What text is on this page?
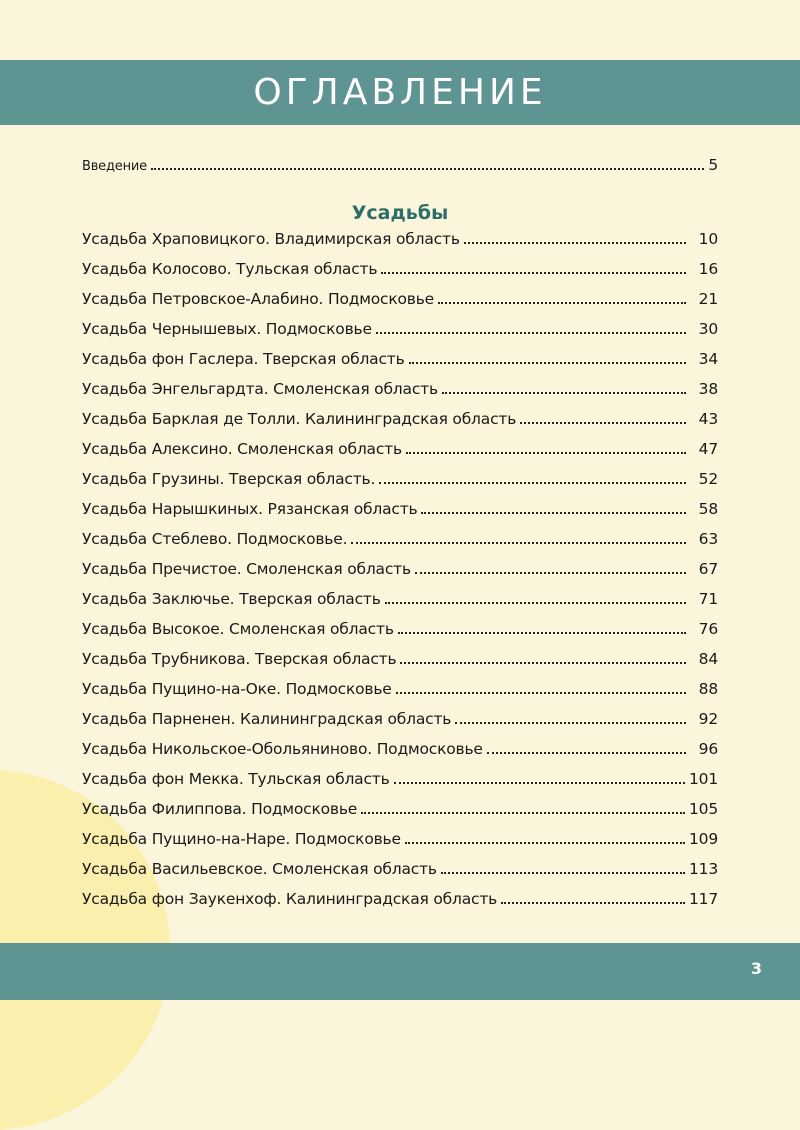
ОГЛАВЛЕНИЕ
Введение	5
Усадьбы
Усадьба Храповицкого. Владимирская область	10
Усадьба Колосово. Тульская область	16
Усадьба Петровское-Алабино. Подмосковье	21
Усадьба Чернышевых. Подмосковье	30
Усадьба фон Гаслера. Тверская область	34
Усадьба Энгельгардта. Смоленская область	38
Усадьба Барклая де Толли. Калининградская область	43
Усадьба Алексино. Смоленская область	47
Усадьба Грузины. Тверская область.	52
Усадьба Нарышкиных. Рязанская область	58
Усадьба Стеблево. Подмосковье.	63
Усадьба Пречистое. Смоленская область	67
Усадьба Заключье. Тверская область	71
Усадьба Высокое. Смоленская область	76
Усадьба Трубникова. Тверская область	84
Усадьба Пущино-на-Оке. Подмосковье	88
Усадьба Парненен. Калининградская область	92
Усадьба Никольское-Обольяниново. Подмосковье	96
Усадьба фон Мекка. Тульская область	101
Усадьба Филиппова. Подмосковье	105
Усадьба Пущино-на-Наре. Подмосковье	109
Усадьба Васильевское. Смоленская область	113
Усадьба фон Заукенхоф. Калининградская область	117
3
